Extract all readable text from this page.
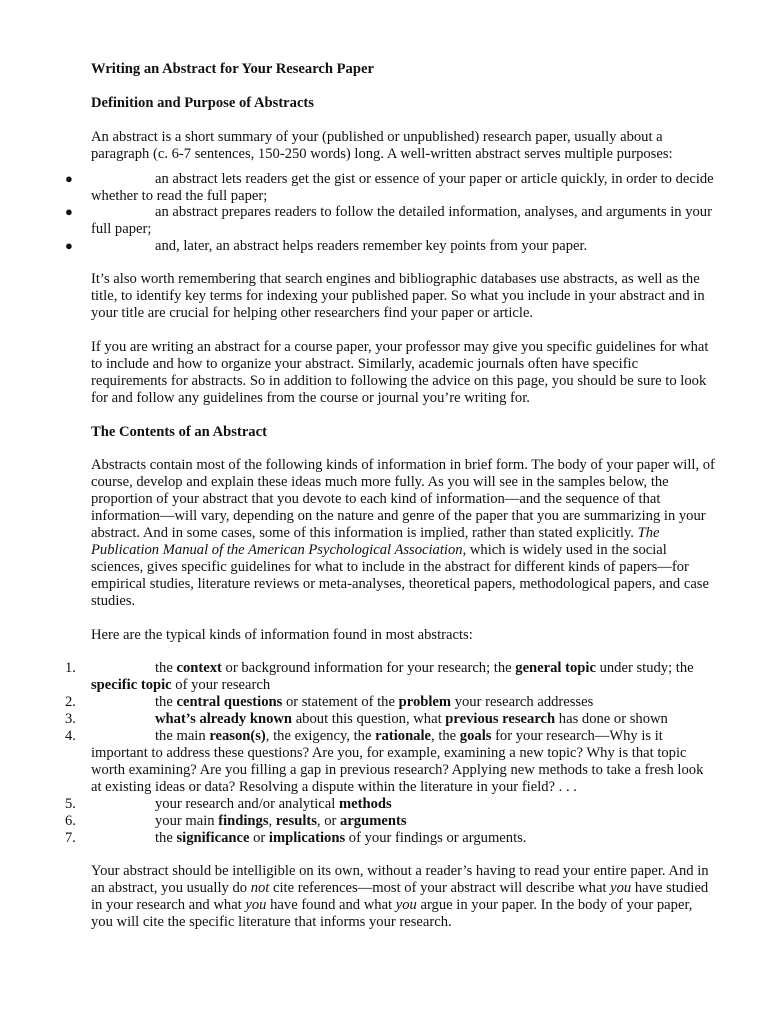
Writing an Abstract for Your Research Paper
Definition and Purpose of Abstracts

An abstract is a short summary of your (published or unpublished) research paper, usually about a paragraph (c. 6-7 sentences, 150-250 words) long. A well-written abstract serves multiple purposes:

●	an abstract lets readers get the gist or essence of your paper or article quickly, in order to decide whether to read the full paper;
●	an abstract prepares readers to follow the detailed information, analyses, and arguments in your full paper;
●	and, later, an abstract helps readers remember key points from your paper.

It’s also worth remembering that search engines and bibliographic databases use abstracts, as well as the title, to identify key terms for indexing your published paper. So what you include in your abstract and in your title are crucial for helping other researchers find your paper or article.

If you are writing an abstract for a course paper, your professor may give you specific guidelines for what to include and how to organize your abstract. Similarly, academic journals often have specific requirements for abstracts. So in addition to following the advice on this page, you should be sure to look for and follow any guidelines from the course or journal you’re writing for.

The Contents of an Abstract

Abstracts contain most of the following kinds of information in brief form. The body of your paper will, of course, develop and explain these ideas much more fully. As you will see in the samples below, the proportion of your abstract that you devote to each kind of information—and the sequence of that information—will vary, depending on the nature and genre of the paper that you are summarizing in your abstract. And in some cases, some of this information is implied, rather than stated explicitly. The Publication Manual of the American Psychological Association, which is widely used in the social sciences, gives specific guidelines for what to include in the abstract for different kinds of papers—for empirical studies, literature reviews or meta-analyses, theoretical papers, methodological papers, and case studies.

Here are the typical kinds of information found in most abstracts:

1.	the context or background information for your research; the general topic under study; the specific topic of your research
2.	the central questions or statement of the problem your research addresses
3.	what’s already known about this question, what previous research has done or shown
4.	the main reason(s), the exigency, the rationale, the goals for your research—Why is it important to address these questions? Are you, for example, examining a new topic? Why is that topic worth examining? Are you filling a gap in previous research? Applying new methods to take a fresh look at existing ideas or data? Resolving a dispute within the literature in your field? . . .
5.	your research and/or analytical methods
6.	your main findings, results, or arguments
7.	the significance or implications of your findings or arguments.

Your abstract should be intelligible on its own, without a reader’s having to read your entire paper. And in an abstract, you usually do not cite references—most of your abstract will describe what you have studied in your research and what you have found and what you argue in your paper. In the body of your paper, you will cite the specific literature that informs your research.
